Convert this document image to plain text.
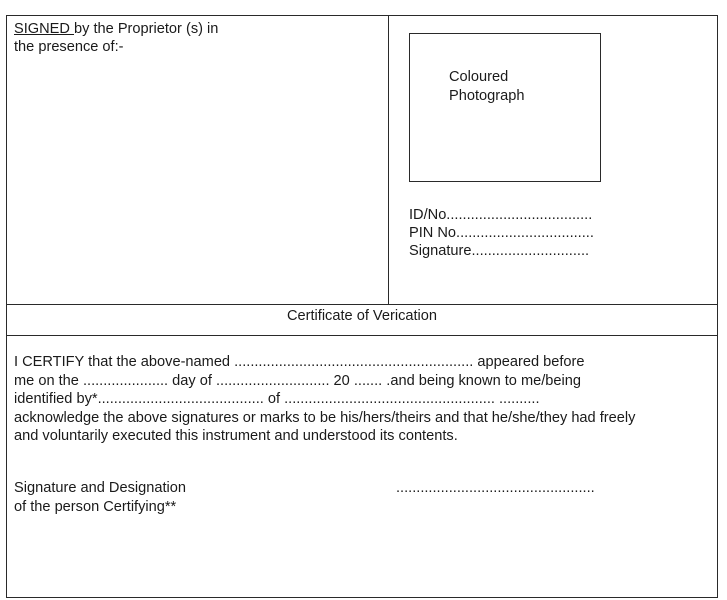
SIGNED by the Proprietor (s) in
the presence of:-
Coloured
Photograph
ID/No....................................
PIN No..................................
Signature.............................
Certificate of Verication
I CERTIFY that the above-named ........................................................... appeared before
me on the ..................... day of ............................ 20 ....... .and being known to me/being
identified by*......................................... of .................................................... ..........
acknowledge the above signatures or marks to be his/hers/theirs and that he/she/they had freely
and voluntarily executed this instrument and understood its contents.
Signature and Designation
of the person Certifying**
.................................................
